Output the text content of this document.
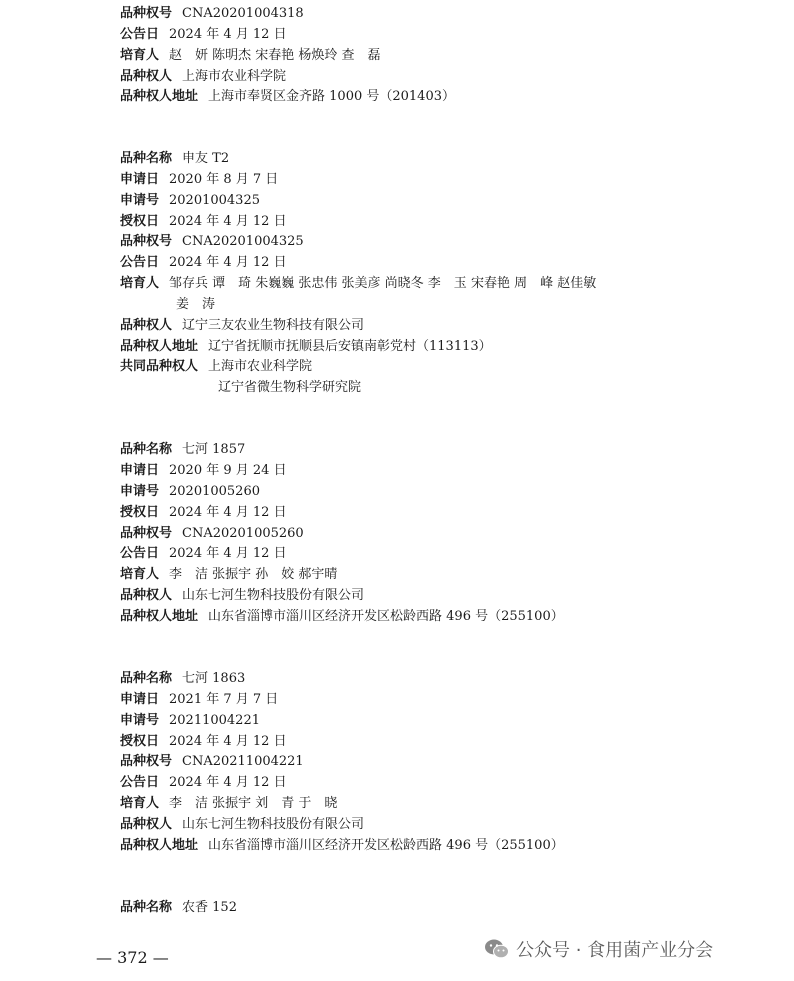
品种权号 CNA20201004318
公告日 2024 年 4 月 12 日
培育人 赵　妍 陈明杰 宋春艳 杨焕玲 查　磊
品种权人 上海市农业科学院
品种权人地址 上海市奉贤区金齐路 1000 号（201403）
品种名称 申友 T2
申请日 2020 年 8 月 7 日
申请号 20201004325
授权日 2024 年 4 月 12 日
品种权号 CNA20201004325
公告日 2024 年 4 月 12 日
培育人 邹存兵 谭　琦 朱巍巍 张忠伟 张美彦 尚晓冬 李　玉 宋春艳 周　峰 赵佳敏
姜　涛
品种权人 辽宁三友农业生物科技有限公司
品种权人地址 辽宁省抚顺市抚顺县后安镇南彰党村（113113）
共同品种权人 上海市农业科学院
辽宁省微生物科学研究院
品种名称 七河 1857
申请日 2020 年 9 月 24 日
申请号 20201005260
授权日 2024 年 4 月 12 日
品种权号 CNA20201005260
公告日 2024 年 4 月 12 日
培育人 李　洁 张振宇 孙　姣 郝宇晴
品种权人 山东七河生物科技股份有限公司
品种权人地址 山东省淄博市淄川区经济开发区松龄西路 496 号（255100）
品种名称 七河 1863
申请日 2021 年 7 月 7 日
申请号 20211004221
授权日 2024 年 4 月 12 日
品种权号 CNA20211004221
公告日 2024 年 4 月 12 日
培育人 李　洁 张振宇 刘　青 于　晓
品种权人 山东七河生物科技股份有限公司
品种权人地址 山东省淄博市淄川区经济开发区松龄西路 496 号（255100）
品种名称 农香 152
— 372 —	公众号 · 食用菌产业分会
